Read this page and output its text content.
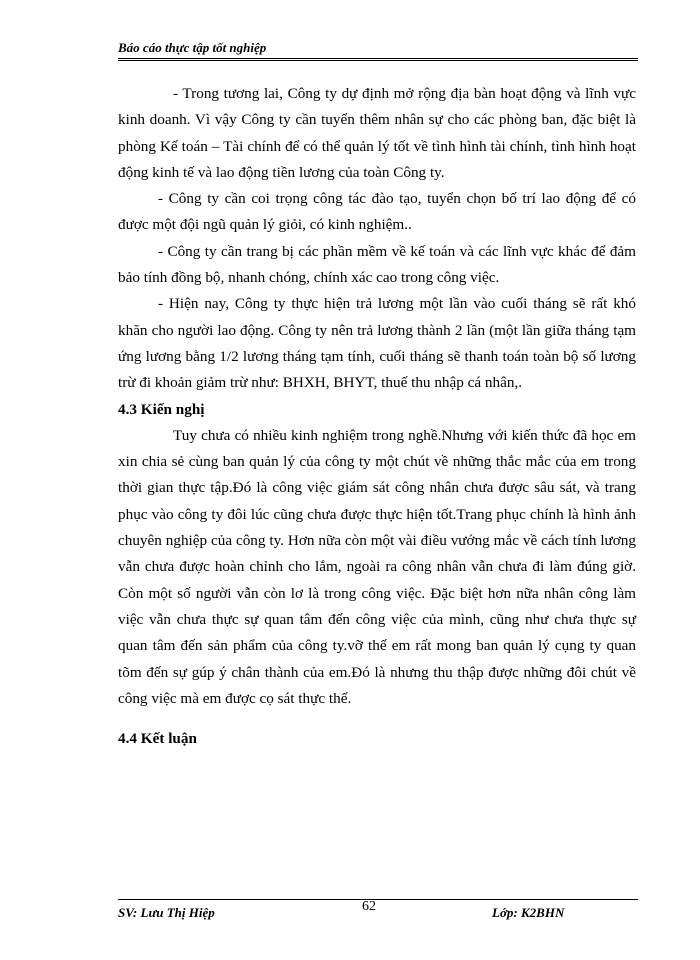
Báo cáo thực tập tốt nghiệp

- Trong tương lai, Công ty dự định mở rộng địa bàn hoạt động và lĩnh vực kinh doanh. Vì vậy Công ty cần tuyển thêm nhân sự cho các phòng ban, đặc biệt là phòng Kế toán – Tài chính để có thể quản lý tốt về tình hình tài chính, tình hình hoạt động kinh tế và lao động tiền lương của toàn Công ty.

- Công ty cần coi trọng công tác đào tạo, tuyển chọn bố trí lao động để có được một đội ngũ quản lý giỏi, có kinh nghiệm..

- Công ty cần trang bị các phần mềm về kế toán và các lĩnh vực khác để đảm bảo tính đồng bộ, nhanh chóng, chính xác cao trong công việc.

- Hiện nay, Công ty thực hiện trả lương một lần vào cuối tháng sẽ rất khó khăn cho người lao động. Công ty nên trả lương thành 2 lần (một lần giữa tháng tạm ứng lương bằng 1/2 lương tháng tạm tính, cuối tháng sẽ thanh toán toàn bộ số lương trừ đi khoản giảm trừ như: BHXH, BHYT, thuế thu nhập cá nhân,.

4.3 Kiến nghị

Tuy chưa có nhiều kinh nghiệm trong nghề.Nhưng với kiến thức đã học em xin chia sẻ cùng ban quản lý của công ty một chút về những thắc mắc của em trong thời gian thực tập.Đó là công việc giám sát công nhân chưa được sâu sát, và trang phục vào công ty đôi lúc cũng chưa được thực hiện tốt.Trang phục chính là hình ảnh chuyên nghiệp của công ty. Hơn nữa còn một vài điều vướng mắc về cách tính lương vẫn chưa được hoàn chỉnh cho lắm, ngoài ra công nhân vẫn chưa đi làm đúng giờ. Còn một số người vẫn còn lơ là trong công việc. Đặc biệt hơn nữa nhân công làm việc vẫn chưa thực sự quan tâm đến công việc của mình, cũng như chưa thực sự quan tâm đến sản phẩm của công ty.vỡ thế em rất mong ban quản lý cụng ty quan tõm đến sự gúp ý chân thành của em.Đó là nhưng thu thập được những đôi chút về công việc mà em được cọ sát thực thế.

4.4 Kết luận
SV: Lưu Thị Hiệp	62	Lớp: K2BHN
